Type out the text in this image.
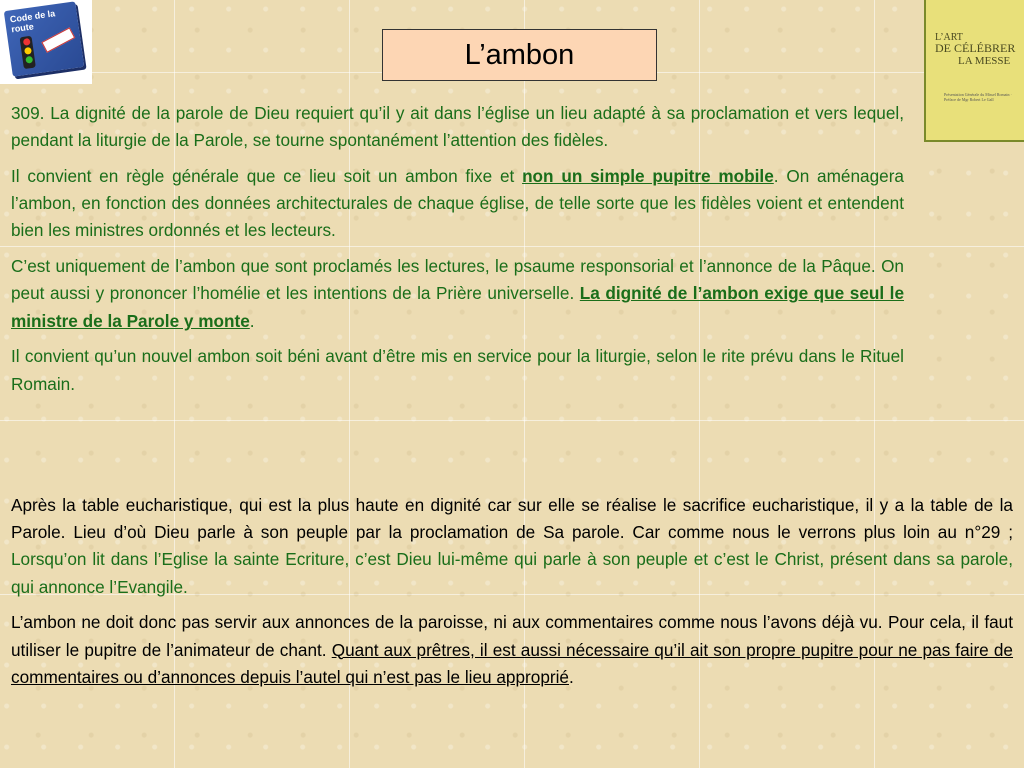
Code de la route
L’ART
DE CÉLÉBRER
LA MESSE
Présentation Générale du Missel Romain · Préface de Mgr Robert Le Gall
L’ambon

309. La dignité de la parole de Dieu requiert qu’il y ait dans l’église un lieu adapté à sa proclamation et vers lequel, pendant la liturgie de la Parole, se tourne spontanément l’attention des fidèles.

Il convient en règle générale que ce lieu soit un ambon fixe et non un simple pupitre mobile. On aménagera l’ambon, en fonction des données architecturales de chaque église, de telle sorte que les fidèles voient et entendent bien les ministres ordonnés et les lecteurs.

C’est uniquement de l’ambon que sont proclamés les lectures, le psaume responsorial et l’annonce de la Pâque. On peut aussi y prononcer l’homélie et les intentions de la Prière universelle. La dignité de l’ambon exige que seul le ministre de la Parole y monte.

Il convient qu’un nouvel ambon soit béni avant d’être mis en service pour la liturgie, selon le rite prévu dans le Rituel Romain.

Après la table eucharistique, qui est la plus haute en dignité car sur elle se réalise le sacrifice eucharistique, il y a la table de la Parole. Lieu d’où Dieu parle à son peuple par la proclamation de Sa parole. Car comme nous le verrons plus loin au n°29 ; Lorsqu’on lit dans l’Eglise la sainte Ecriture, c’est Dieu lui-même qui parle à son peuple et c’est le Christ, présent dans sa parole, qui annonce l’Evangile.

L’ambon ne doit donc pas servir aux annonces de la paroisse, ni aux commentaires comme nous l’avons déjà vu. Pour cela, il faut utiliser le pupitre de l’animateur de chant. Quant aux prêtres, il est aussi nécessaire qu’il ait son propre pupitre pour ne pas faire de commentaires ou d’annonces depuis l’autel qui n’est pas le lieu approprié.
